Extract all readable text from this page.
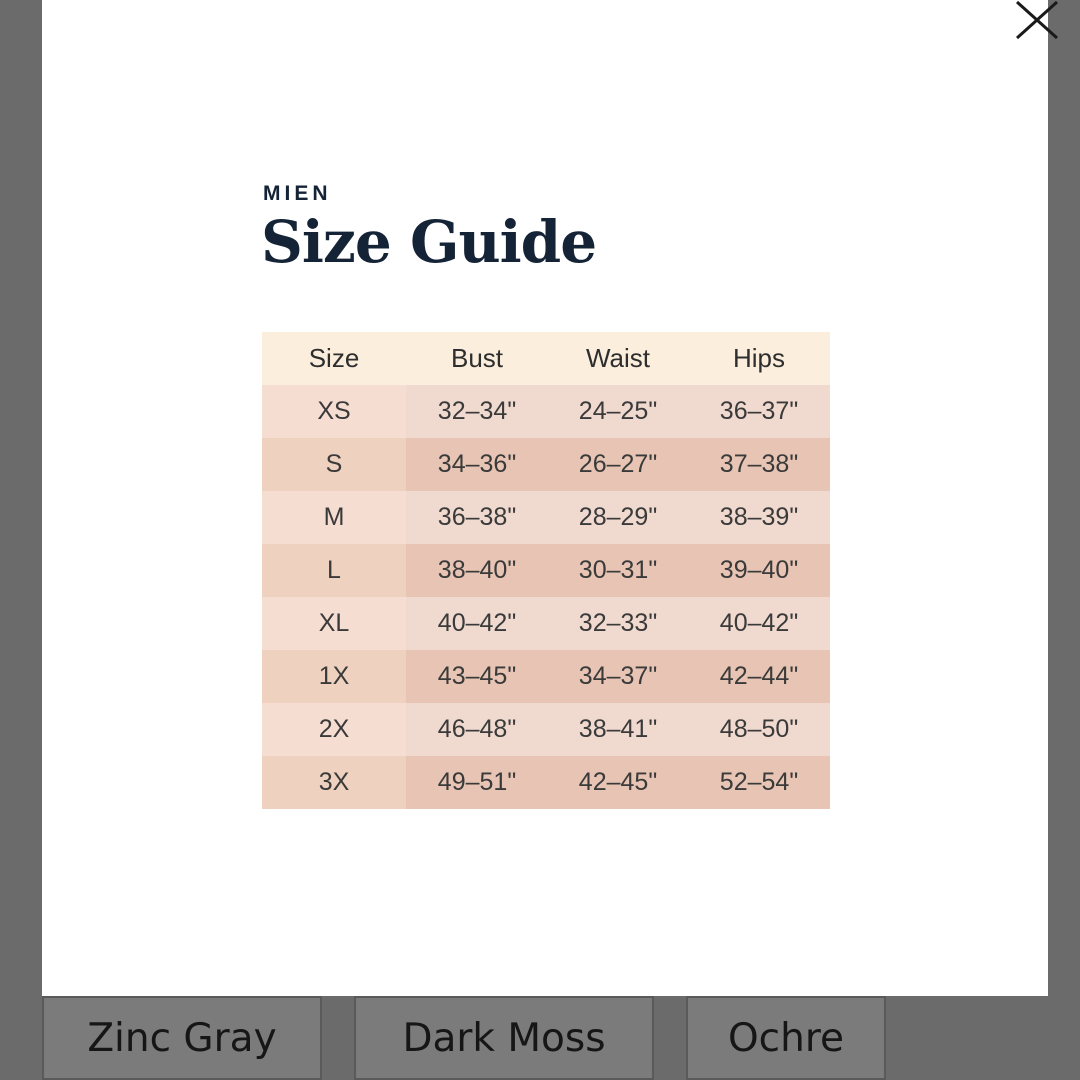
MIEN
Size Guide
Size	Bust	Waist	Hips
XS	32–34"	24–25"	36–37"
S	34–36"	26–27"	37–38"
M	36–38"	28–29"	38–39"
L	38–40"	30–31"	39–40"
XL	40–42"	32–33"	40–42"
1X	43–45"	34–37"	42–44"
2X	46–48"	38–41"	48–50"
3X	49–51"	42–45"	52–54"
Zinc Gray	Dark Moss	Ochre
